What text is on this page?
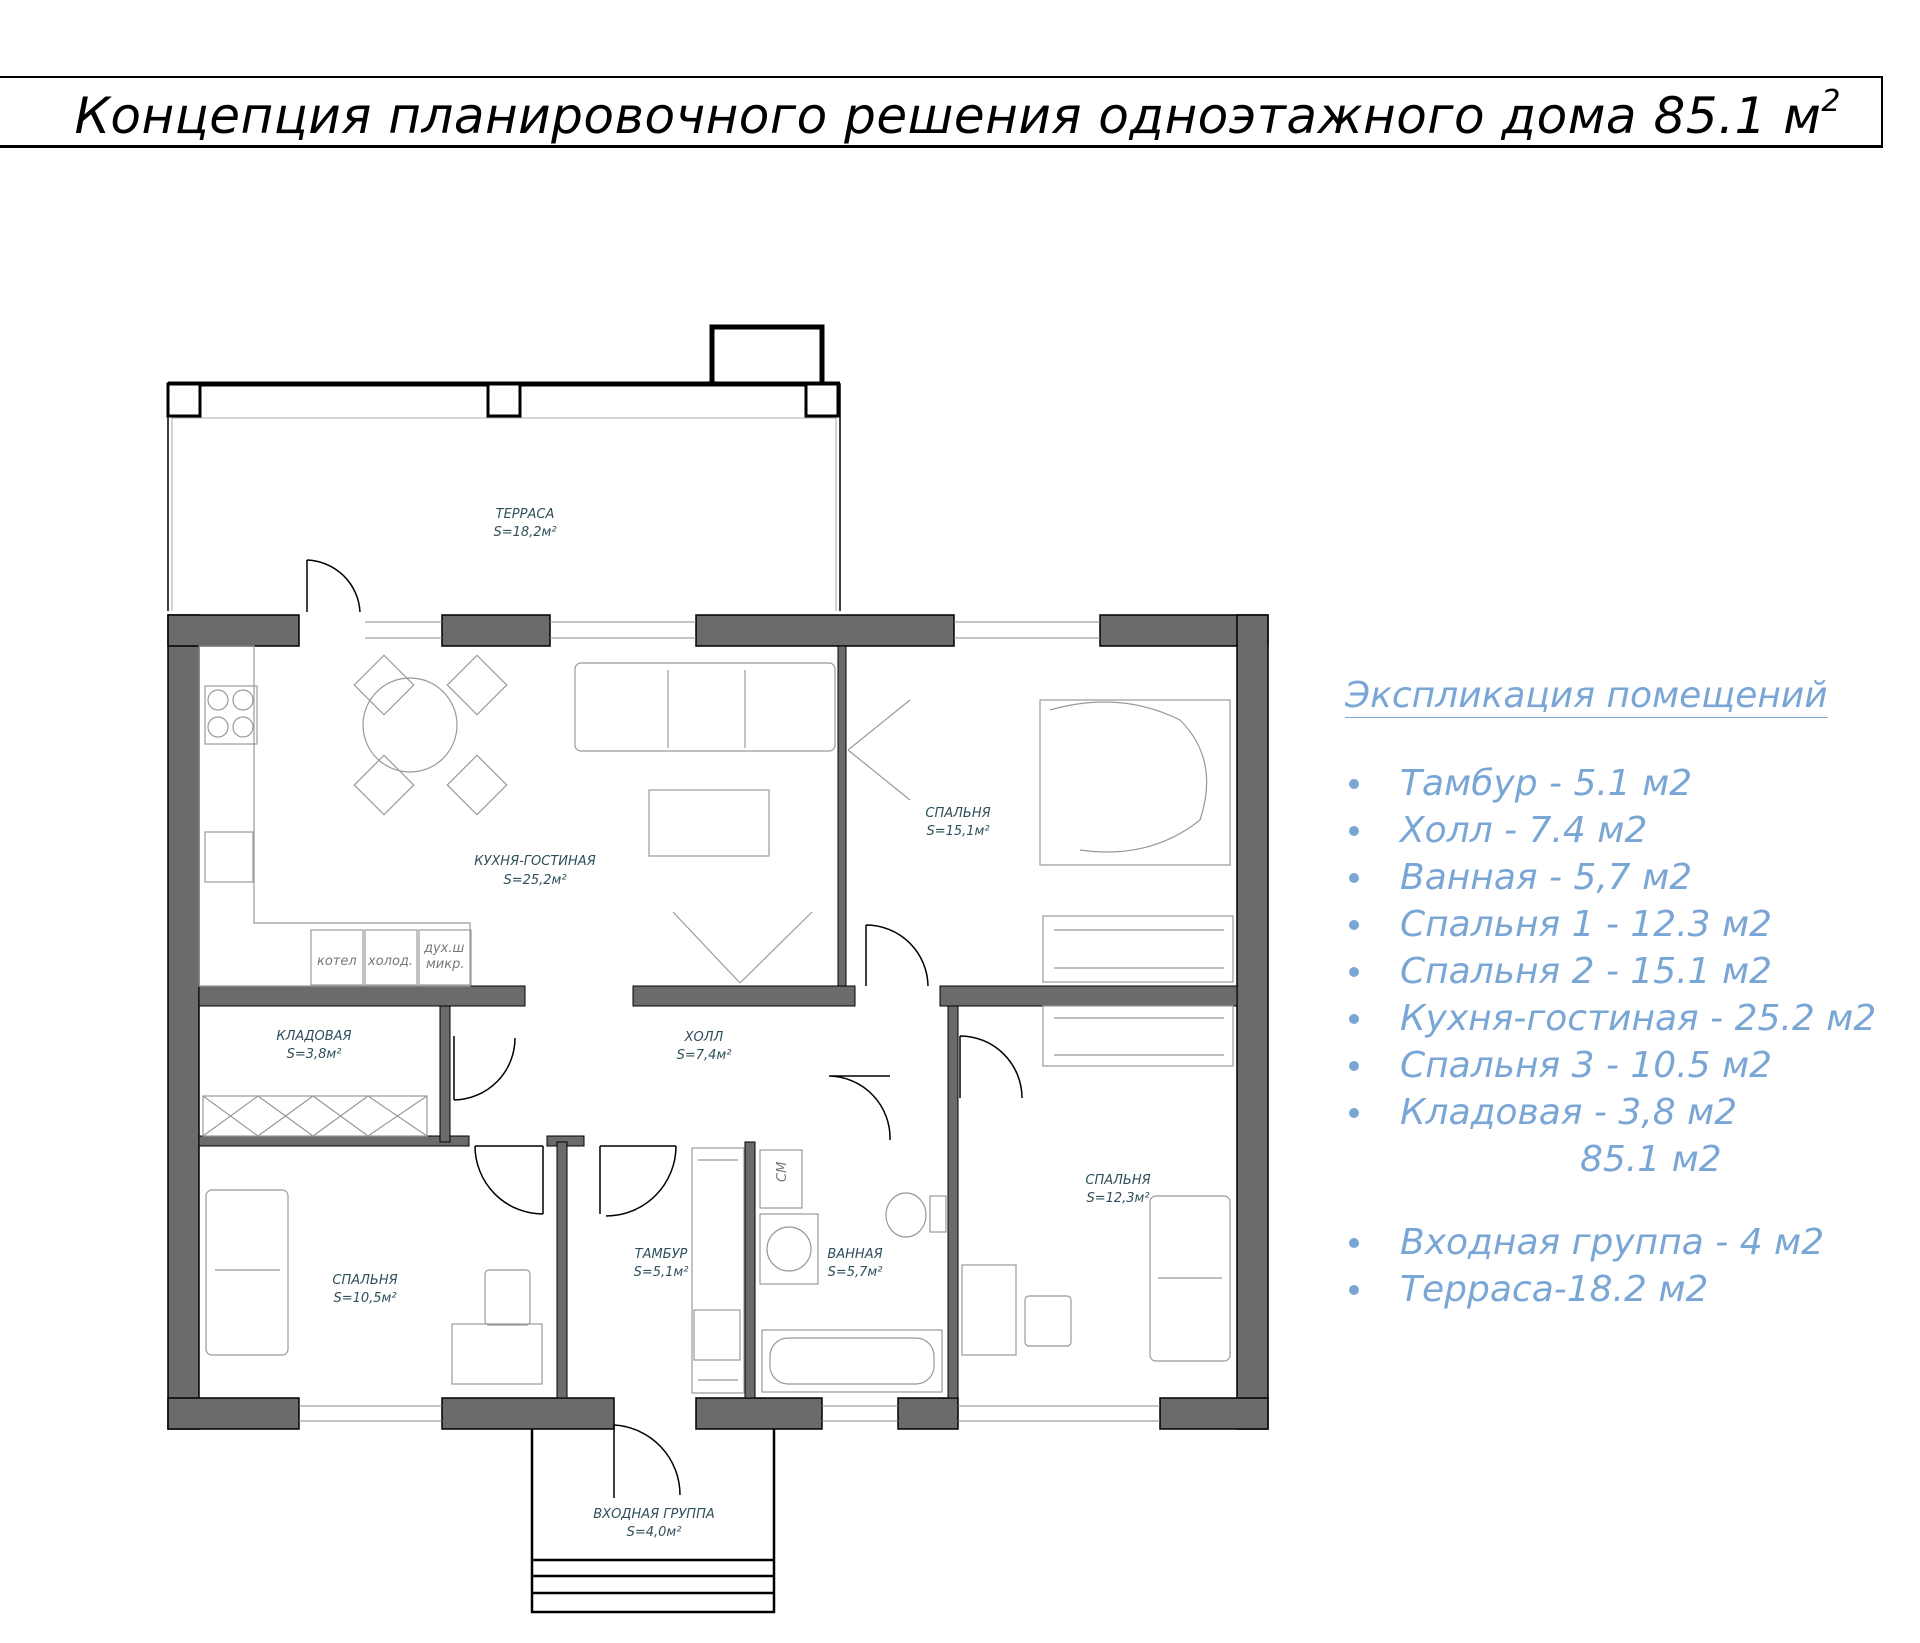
Концепция планировочного решения одноэтажного дома 85.1 $м^2$
котел холод.
дух.ш
микр.
СМ
ТЕРРАСА
S=18,2м²
КУХНЯ-ГОСТИНАЯ
S=25,2м²
СПАЛЬНЯ
S=15,1м²
КЛАДОВАЯ
S=3,8м²
ХОЛЛ
S=7,4м²
СПАЛЬНЯ
S=10,5м²
ТАМБУР
S=5,1м²
ВАННАЯ
S=5,7м²
СПАЛЬНЯ
S=12,3м²
ВХОДНАЯ ГРУППА
S=4,0м²
Экспликация помещений
Тамбур - 5.1 м2
Холл - 7.4 м2
Ванная - 5,7 м2
Спальня 1 - 12.3 м2
Спальня 2 - 15.1 м2
Кухня-гостиная - 25.2 м2
Спальня 3 - 10.5 м2
Кладовая - 3,8 м2
85.1 м2
Входная группа - 4 м2
Терраса-18.2 м2
